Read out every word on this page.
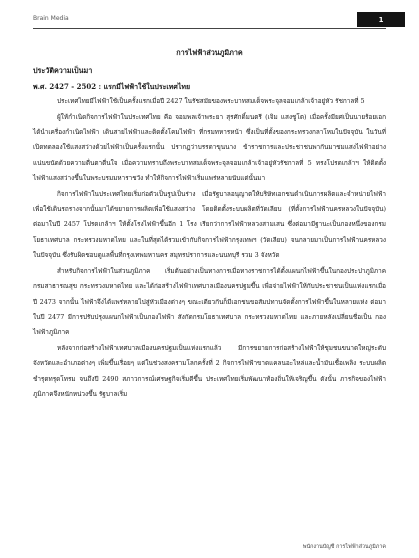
Brain Media	1
การไฟฟ้าส่วนภูมิภาค
ประวัติความเป็นมา
พ.ศ. 2427 - 2502 : แรกมีไฟฟ้าใช้ในประเทศไทย

ประเทศไทยมีไฟฟ้าใช้เป็นครั้งแรกเมื่อปี 2427 ในรัชสมัยของพระบาทสมเด็จพระจุลจอมเกล้าเจ้าอยู่หัว รัชกาลที่ 5

ผู้ให้กำเนิดกิจการไฟฟ้าในประเทศไทย คือ จอมพลเจ้าพระยา สุรศักดิ์มนตรี (เจิม แสงชูโต) เมื่อครั้งมียศเป็นนายร้อยเอก ได้นำเครื่องกำเนิดไฟฟ้า เดินสายไฟฟ้าและติดตั้งโคมไฟฟ้า ที่กรมทหารหน้า ซึ่งเป็นที่ตั้งของกระทรวงกลาโหมในปัจจุบัน ในวันที่เปิดทดลองใช้แสงสว่างด้วยไฟฟ้าเป็นครั้งแรกนั้น ปรากฏว่าบรรดาขุนนาง ข้าราชการและประชาชนพากันมาชมแสงไฟฟ้าอย่างแน่นขนัดด้วยความตื่นตาตื่นใจ เมื่อความทราบถึงพระบาทสมเด็จพระจุลจอมเกล้าเจ้าอยู่หัวรัชกาลที่ 5 ทรงโปรดเกล้าฯ ให้ติดตั้งไฟฟ้าแสงสว่างขึ้นในพระบรมมหาราชวัง ทำให้กิจการไฟฟ้าเริ่มแพร่หลายนับแต่นั้นมา

กิจการไฟฟ้าในประเทศไทยเริ่มก่อตัวเป็นรูปเป็นร่าง เมื่อรัฐบาลอนุญาตให้บริษัทเอกชนดำเนินการผลิตและจำหน่ายไฟฟ้า เพื่อใช้เดินรถรางจากนั้นมาได้ขยายการผลิตเพื่อใช้แสงสว่าง โดยติดตั้งระบบผลิตที่วัดเลียบ (ที่ตั้งการไฟฟ้านครหลวงในปัจจุบัน) ต่อมาในปี 2457 โปรดเกล้าฯ ให้ตั้งโรงไฟฟ้าขึ้นอีก 1 โรง เรียกว่าการไฟฟ้าหลวงสามเสน ซึ่งต่อมามีฐานะเป็นกองหนึ่งของกรมโยธาเทศบาล กระทรวงมหาดไทย และในที่สุดได้รวมเข้ากับกิจการไฟฟ้ากรุงเทพฯ (วัดเลียบ) จนกลายมาเป็นการไฟฟ้านครหลวงในปัจจุบัน ซึ่งรับผิดชอบดูแลพื้นที่กรุงเทพมหานคร สมุทรปราการและนนทบุรี รวม 3 จังหวัด

สำหรับกิจการไฟฟ้าในส่วนภูมิภาค เริ่มต้นอย่างเป็นทางการเมื่อทางราชการได้ตั้งแผนกไฟฟ้าขึ้นในกองประปาภูมิภาค กรมสาธารณสุข กระทรวงมหาดไทย และได้ก่อสร้างไฟฟ้าเทศบาลเมืองนครปฐมขึ้น เพื่อจ่ายไฟฟ้าให้กับประชาชนเป็นแห่งแรกเมื่อปี 2473 จากนั้น ไฟฟ้าจึงได้แพร่หลายไปสู่หัวเมืองต่างๆ ขณะเดียวกันก็มีเอกชนขอสัมปทานจัดตั้งการไฟฟ้าขึ้นในหลายแห่ง ต่อมา ในปี 2477 มีการปรับปรุงแผนกไฟฟ้าเป็นกองไฟฟ้า สังกัดกรมโยธาเทศบาล กระทรวงมหาดไทย และภายหลังเปลี่ยนชื่อเป็น กองไฟฟ้าภูมิภาค

หลังจากก่อสร้างไฟฟ้าเทศบาลเมืองนครปฐมเป็นแห่งแรกแล้ว มีการขยายการก่อสร้างไฟฟ้าให้ชุมชนขนาดใหญ่ระดับจังหวัดและอำเภอต่างๆ เพิ่มขึ้นเรื่อยๆ แต่ในช่วงสงครามโลกครั้งที่ 2 กิจการไฟฟ้าขาดแคลนอะไหล่และน้ำมันเชื้อเพลิง ระบบผลิตชำรุดทรุดโทรม จนถึงปี 2490 สภาวการณ์เศรษฐกิจเริ่มดีขึ้น ประเทศไทยเริ่มพัฒนาท้องถิ่นให้เจริญขึ้น ดังนั้น ภารกิจของไฟฟ้าภูมิภาคจึงหนักหน่วงขึ้น รัฐบาลเริ่ม

พนักงานบัญชี การไฟฟ้าส่วนภูมิภาค
